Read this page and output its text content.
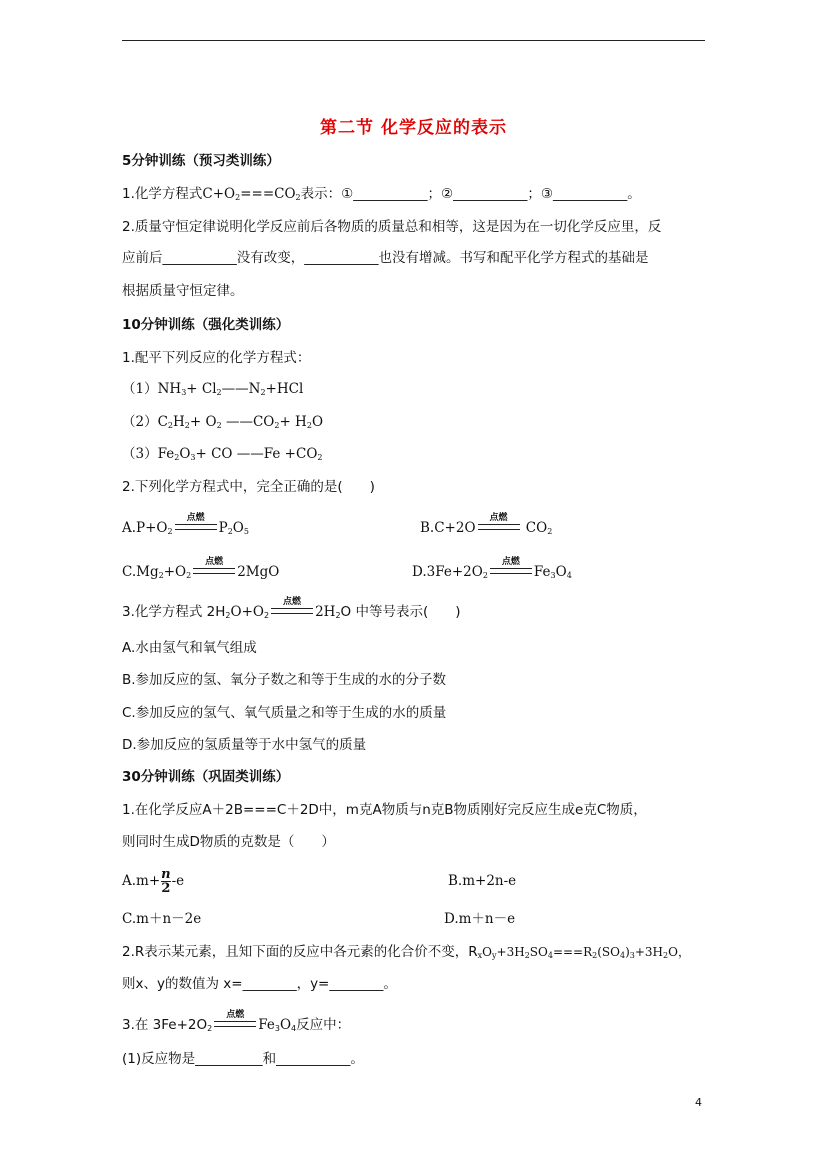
第二节 化学反应的表示
5分钟训练（预习类训练）
1.化学方程式$C+O_2===CO_2$表示：①___________；②___________；③___________。
2.质量守恒定律说明化学反应前后各物质的质量总和相等，这是因为在一切化学反应里，反
应前后___________没有改变，___________也没有增减。书写和配平化学方程式的基础是
根据质量守恒定律。
10分钟训练（强化类训练）
1.配平下列反应的化学方程式：
$(1)NH_3+$ $Cl_2——N_2+HCl$
$(2)C_2H_2+ O_2$ $——CO_2+ H_2O$
$(3)Fe_2O_3+$ CO ——Fe $+CO_2$
2.下列化学方程式中，完全正确的是(　　)
$A.P+O_2$
点燃
$P_2O_5$	B.C+2O
点燃
$CO_2$
$C.Mg_2+O_2$
点燃
2MgO	$D.3Fe+2O_2$
点燃
$Fe_3O_4$
3.化学方程式 $2H_2O+O_2$
点燃
$2H_2O$ 中等号表示(　　)
A.水由氢气和氧气组成
B.参加反应的氢、氧分子数之和等于生成的水的分子数
C.参加反应的氢气、氧气质量之和等于生成的水的质量
D.参加反应的氢质量等于水中氢气的质量
30分钟训练（巩固类训练）
1.在化学反应A＋2B===C＋2D中，m克A物质与n克B物质刚好完反应生成e克C物质，
则同时生成D物质的克数是（　　）
$A.m+ \frac{n}{2} -e$	B.m+2n-e
C.m＋n－2e	D.m＋n－e
2.R表示某元素，且知下面的反应中各元素的化合价不变，$R_xO_y+3H_2SO_4===R_2(SO_4)_3+3H_2O$，
则x、y的数值为 x=________，y=________。
3.在 $3Fe+2O_2$
点燃
$Fe_3O_4$反应中：
(1)反应物是__________和___________。
4
